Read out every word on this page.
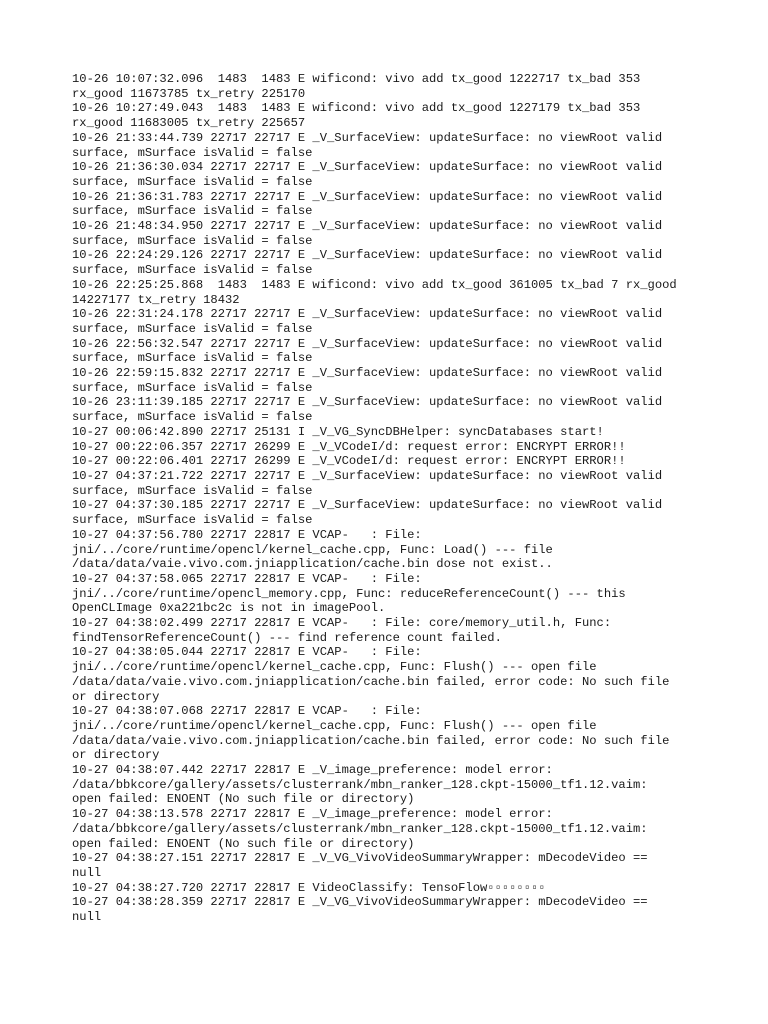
10-26 10:07:32.096  1483  1483 E wificond: vivo add tx_good 1222717 tx_bad 353
rx_good 11673785 tx_retry 225170
10-26 10:27:49.043  1483  1483 E wificond: vivo add tx_good 1227179 tx_bad 353
rx_good 11683005 tx_retry 225657
10-26 21:33:44.739 22717 22717 E _V_SurfaceView: updateSurface: no viewRoot valid
surface, mSurface isValid = false
10-26 21:36:30.034 22717 22717 E _V_SurfaceView: updateSurface: no viewRoot valid
surface, mSurface isValid = false
10-26 21:36:31.783 22717 22717 E _V_SurfaceView: updateSurface: no viewRoot valid
surface, mSurface isValid = false
10-26 21:48:34.950 22717 22717 E _V_SurfaceView: updateSurface: no viewRoot valid
surface, mSurface isValid = false
10-26 22:24:29.126 22717 22717 E _V_SurfaceView: updateSurface: no viewRoot valid
surface, mSurface isValid = false
10-26 22:25:25.868  1483  1483 E wificond: vivo add tx_good 361005 tx_bad 7 rx_good
14227177 tx_retry 18432
10-26 22:31:24.178 22717 22717 E _V_SurfaceView: updateSurface: no viewRoot valid
surface, mSurface isValid = false
10-26 22:56:32.547 22717 22717 E _V_SurfaceView: updateSurface: no viewRoot valid
surface, mSurface isValid = false
10-26 22:59:15.832 22717 22717 E _V_SurfaceView: updateSurface: no viewRoot valid
surface, mSurface isValid = false
10-26 23:11:39.185 22717 22717 E _V_SurfaceView: updateSurface: no viewRoot valid
surface, mSurface isValid = false
10-27 00:06:42.890 22717 25131 I _V_VG_SyncDBHelper: syncDatabases start!
10-27 00:22:06.357 22717 26299 E _V_VCodeI/d: request error: ENCRYPT ERROR!!
10-27 00:22:06.401 22717 26299 E _V_VCodeI/d: request error: ENCRYPT ERROR!!
10-27 04:37:21.722 22717 22717 E _V_SurfaceView: updateSurface: no viewRoot valid
surface, mSurface isValid = false
10-27 04:37:30.185 22717 22717 E _V_SurfaceView: updateSurface: no viewRoot valid
surface, mSurface isValid = false
10-27 04:37:56.780 22717 22817 E VCAP-   : File:
jni/../core/runtime/opencl/kernel_cache.cpp, Func: Load() --- file
/data/data/vaie.vivo.com.jniapplication/cache.bin dose not exist..
10-27 04:37:58.065 22717 22817 E VCAP-   : File:
jni/../core/runtime/opencl_memory.cpp, Func: reduceReferenceCount() --- this
OpenCLImage 0xa221bc2c is not in imagePool.
10-27 04:38:02.499 22717 22817 E VCAP-   : File: core/memory_util.h, Func:
findTensorReferenceCount() --- find reference count failed.
10-27 04:38:05.044 22717 22817 E VCAP-   : File:
jni/../core/runtime/opencl/kernel_cache.cpp, Func: Flush() --- open file
/data/data/vaie.vivo.com.jniapplication/cache.bin failed, error code: No such file
or directory
10-27 04:38:07.068 22717 22817 E VCAP-   : File:
jni/../core/runtime/opencl/kernel_cache.cpp, Func: Flush() --- open file
/data/data/vaie.vivo.com.jniapplication/cache.bin failed, error code: No such file
or directory
10-27 04:38:07.442 22717 22817 E _V_image_preference: model error:
/data/bbkcore/gallery/assets/clusterrank/mbn_ranker_128.ckpt-15000_tf1.12.vaim:
open failed: ENOENT (No such file or directory)
10-27 04:38:13.578 22717 22817 E _V_image_preference: model error:
/data/bbkcore/gallery/assets/clusterrank/mbn_ranker_128.ckpt-15000_tf1.12.vaim:
open failed: ENOENT (No such file or directory)
10-27 04:38:27.151 22717 22817 E _V_VG_VivoVideoSummaryWrapper: mDecodeVideo ==
null
10-27 04:38:27.720 22717 22817 E VideoClassify: TensoFlow▫▫▫▫▫▫▫▫
10-27 04:38:28.359 22717 22817 E _V_VG_VivoVideoSummaryWrapper: mDecodeVideo ==
null
